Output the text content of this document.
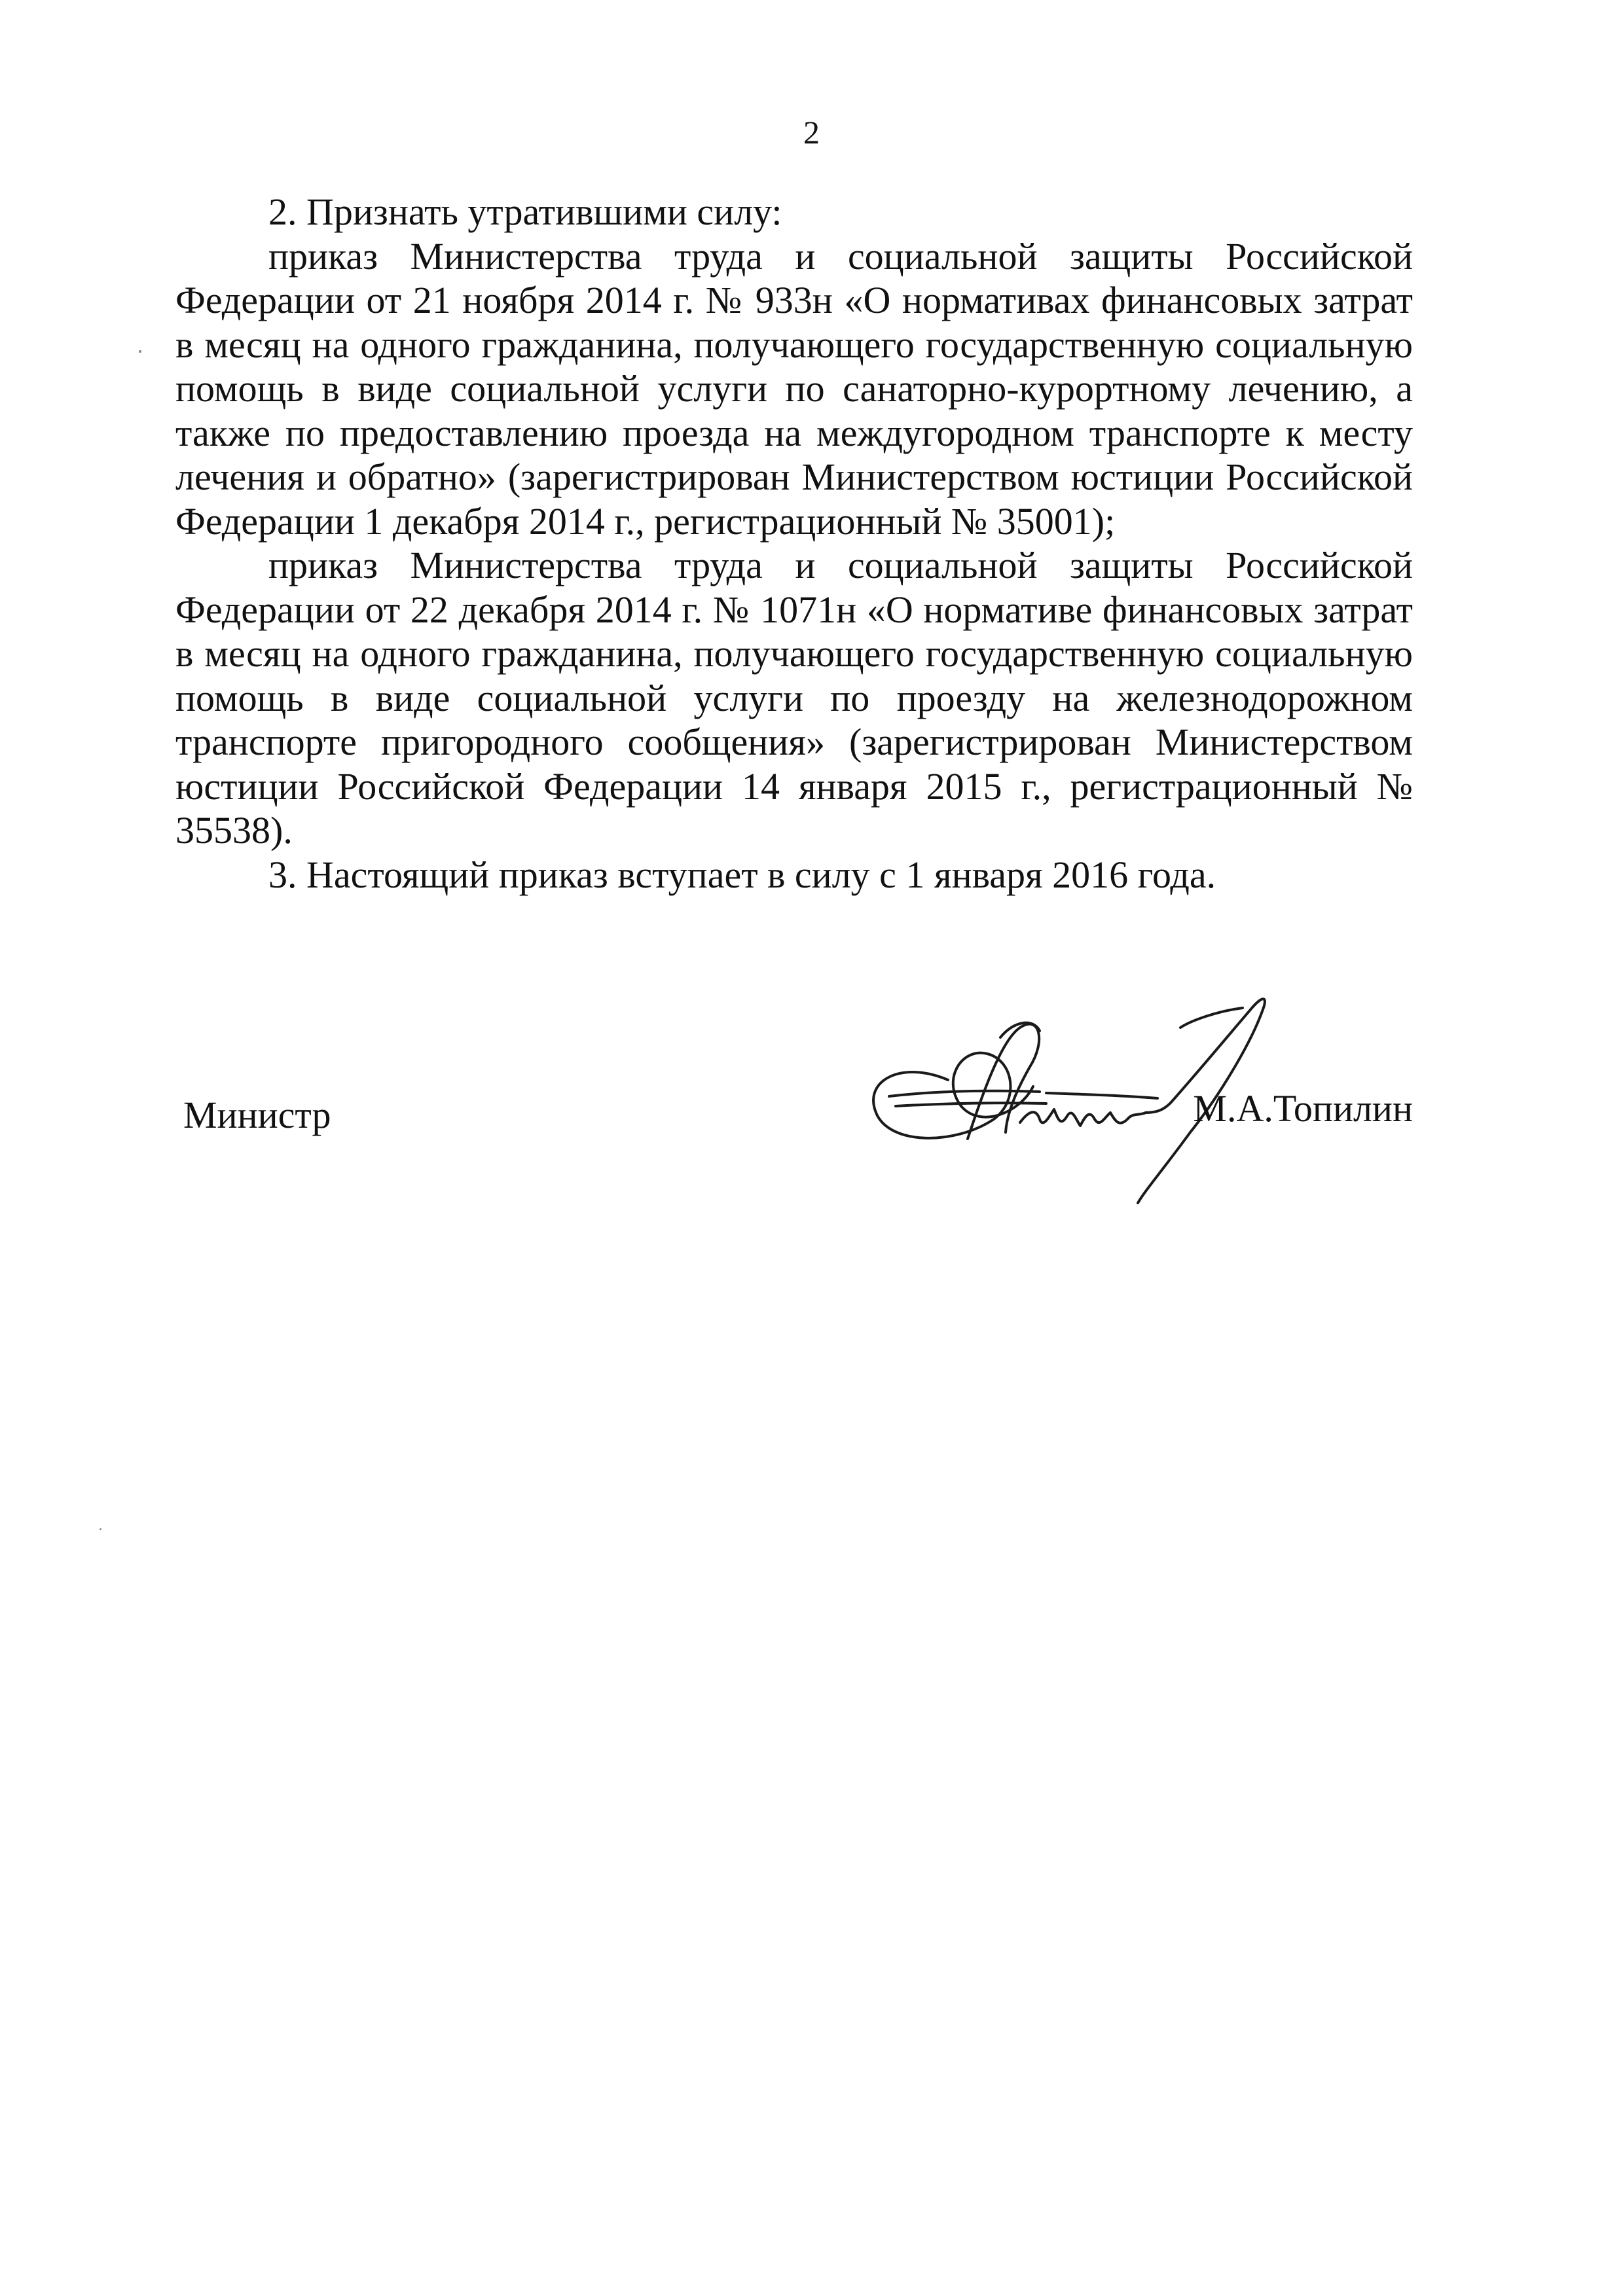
2

2. Признать утратившими силу:

приказ Министерства труда и социальной защиты Российской Федерации от 21 ноября 2014 г. № 933н «О нормативах финансовых затрат в месяц на одного гражданина, получающего государственную социальную помощь в виде социальной услуги по санаторно-курортному лечению, а также по предоставлению проезда на междугородном транспорте к месту лечения и обратно» (зарегистрирован Министерством юстиции Российской Федерации 1 декабря 2014 г., регистрационный № 35001);

приказ Министерства труда и социальной защиты Российской Федерации от 22 декабря 2014 г. № 1071н «О нормативе финансовых затрат в месяц на одного гражданина, получающего государственную социальную помощь в виде социальной услуги по проезду на железнодорожном транспорте пригородного сообщения» (зарегистрирован Министерством юстиции Российской Федерации 14 января 2015 г., регистрационный № 35538).

3. Настоящий приказ вступает в силу с 1 января 2016 года.

Министр	М.А.Топилин
